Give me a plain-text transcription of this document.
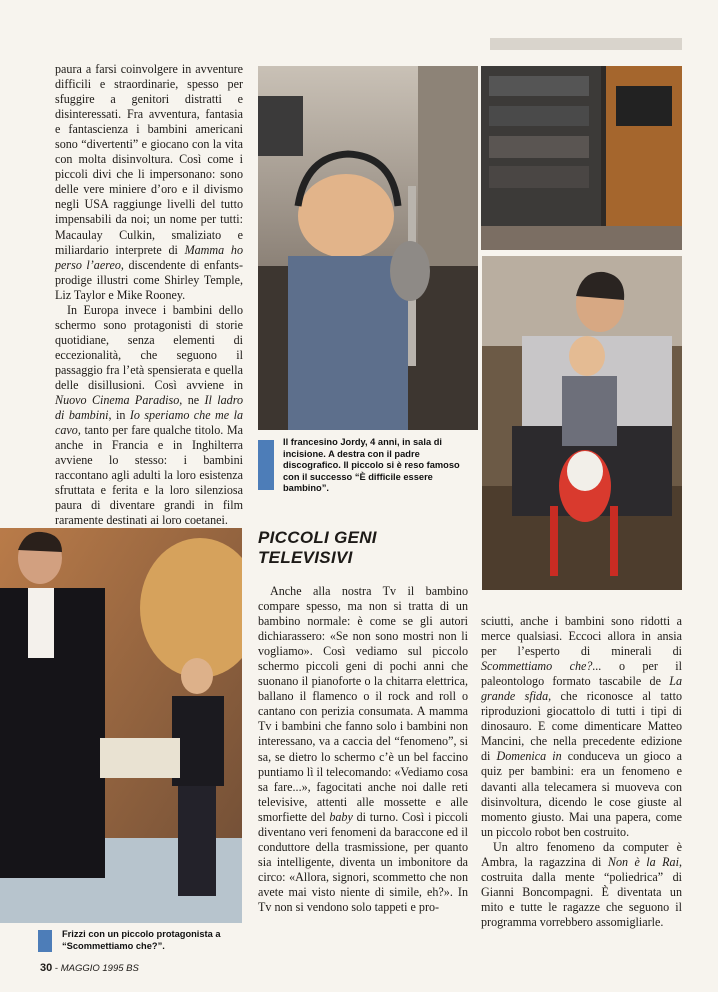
paura a farsi coinvolgere in avventure difficili e straordinarie, spesso per sfuggire a genitori distratti e disinteressati. Fra avventura, fantasia e fantascienza i bambini americani sono “divertenti” e giocano con la vita con molta disinvoltura. Così come i piccoli divi che li impersonano: sono delle vere miniere d’oro e il divismo negli USA raggiunge livelli del tutto impensabili da noi; un nome per tutti: Macaulay Culkin, smaliziato e miliardario interprete di Mamma ho perso l’aereo, discendente di enfants-prodige illustri come Shirley Temple, Liz Taylor e Mike Rooney.

In Europa invece i bambini dello schermo sono protagonisti di storie quotidiane, senza elementi di eccezionalità, che seguono il passaggio fra l’età spensierata e quella delle disillusioni. Così avviene in Nuovo Cinema Paradiso, ne Il ladro di bambini, in Io speriamo che me la cavo, tanto per fare qualche titolo. Ma anche in Francia e in Inghilterra avviene lo stesso: i bambini raccontano agli adulti la loro esistenza sfruttata e ferita e la loro silenziosa paura di diventare grandi in film raramente destinati ai loro coetanei.

Il francesino Jordy, 4 anni, in sala di incisione. A destra con il padre discografico. Il piccolo si è reso famoso con il successo “È difficile essere bambino”.
Frizzi con un piccolo protagonista a “Scommettiamo che?”.
PICCOLI GENI
TELEVISIVI

Anche alla nostra Tv il bambino compare spesso, ma non si tratta di un bambino normale: è come se gli autori dichiarassero: «Se non sono mostri non li vogliamo». Così vediamo sul piccolo schermo piccoli geni di pochi anni che suonano il pianoforte o la chitarra elettrica, ballano il flamenco o il rock and roll o cantano con perizia consumata. A mamma Tv i bambini che fanno solo i bambini non interessano, va a caccia del “fenomeno”, si sa, se dietro lo schermo c’è un bel faccino puntiamo lì il telecomando: «Vediamo cosa sa fare...», fagocitati anche noi dalle reti televisive, attenti alle mossette e alle smorfiette del baby di turno. Così i piccoli diventano veri fenomeni da baraccone ed il conduttore della trasmissione, per quanto sia intelligente, diventa un imbonitore da circo: «Allora, signori, scommetto che non avete mai visto niente di simile, eh?». In Tv non si vendono solo tappeti e pro-

sciutti, anche i bambini sono ridotti a merce qualsiasi. Eccoci allora in ansia per l’esperto di minerali di Scommettiamo che?... o per il paleontologo formato tascabile de La grande sfida, che riconosce al tatto riproduzioni giocattolo di tutti i tipi di dinosauro. E come dimenticare Matteo Mancini, che nella precedente edizione di Domenica in conduceva un gioco a quiz per bambini: era un fenomeno e davanti alla telecamera si muoveva con disinvoltura, dicendo le cose giuste al momento giusto. Mai una papera, come un piccolo robot ben costruito.

Un altro fenomeno da computer è Ambra, la ragazzina di Non è la Rai, costruita dalla mente “poliedrica” di Gianni Boncompagni. È diventata un mito e tutte le ragazze che seguono il programma vorrebbero assomigliarle.

30 - MAGGIO 1995 BS
